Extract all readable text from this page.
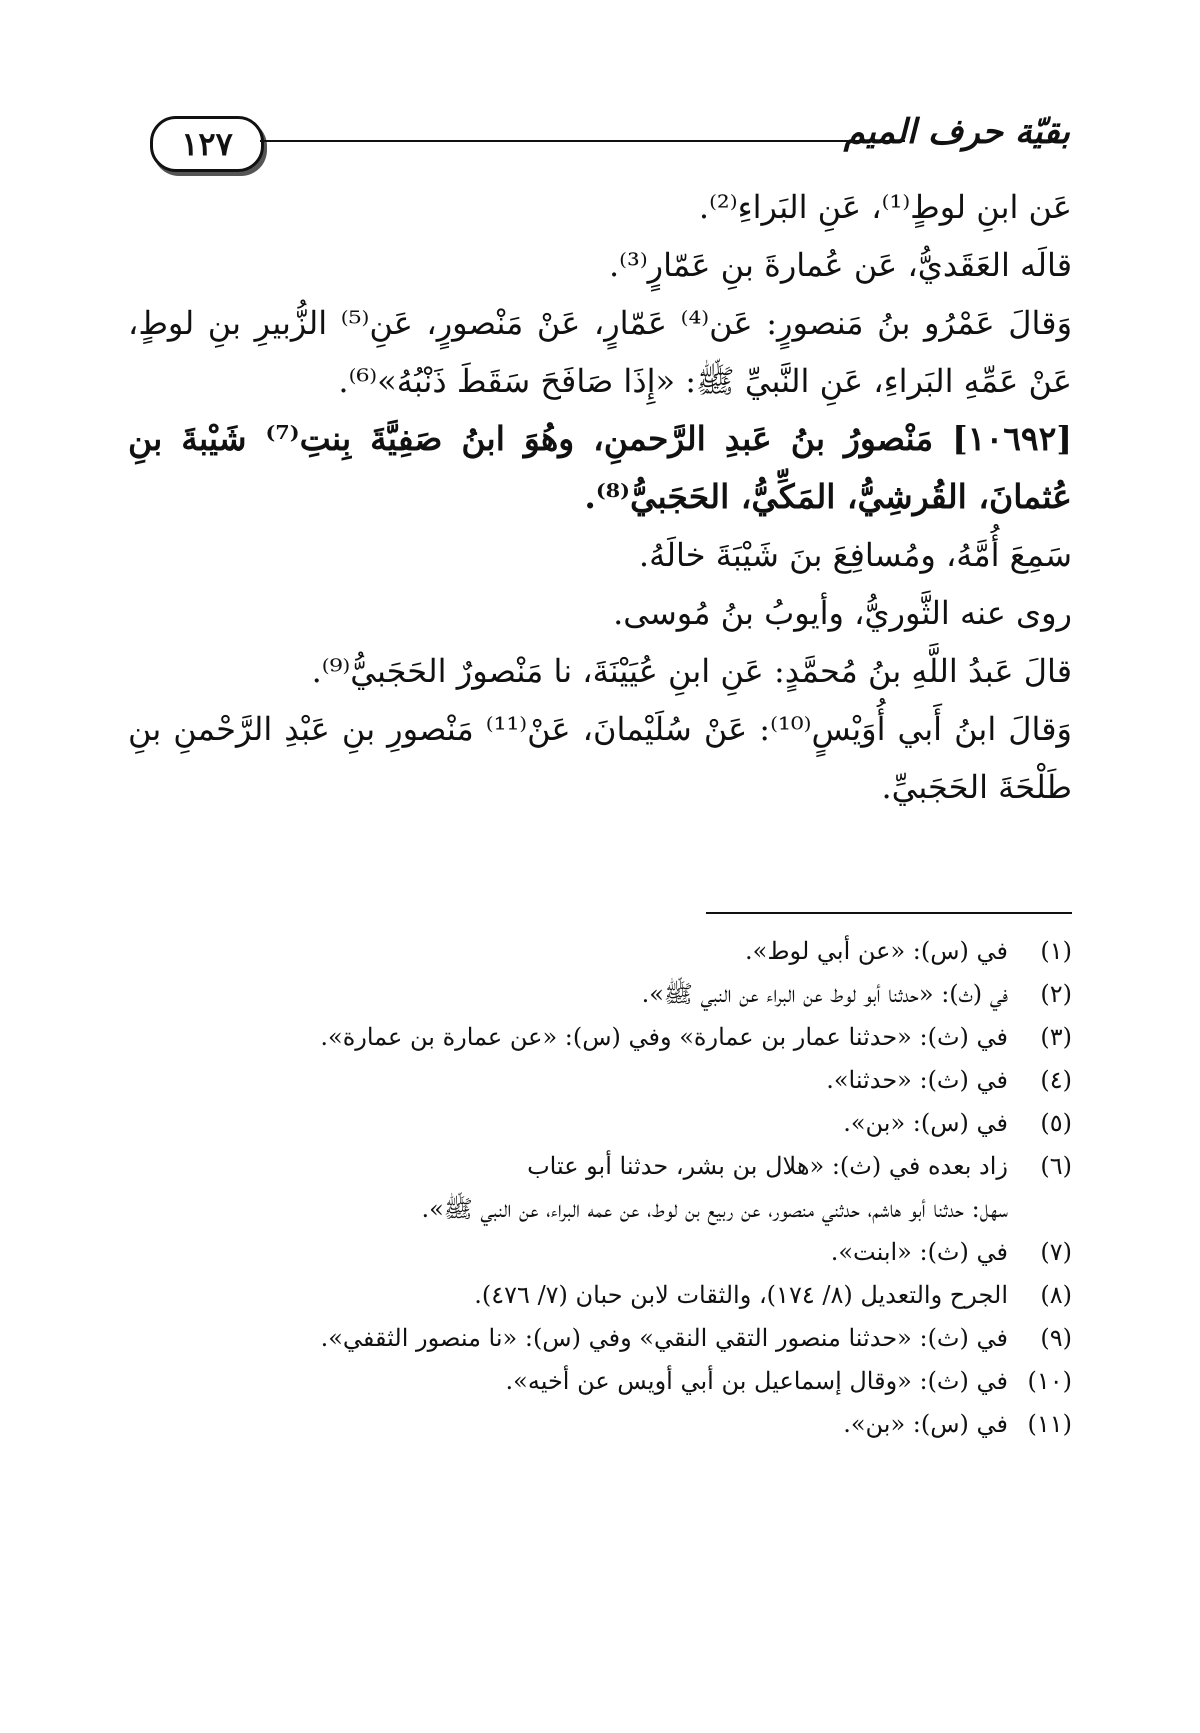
١٢٧	بقيّة حرف الميم

عَن ابنِ لوطٍ⁽¹⁾، عَنِ البَراءِ⁽²⁾.

قالَه العَقَديُّ، عَن عُمارةَ بنِ عَمّارٍ⁽³⁾.

وَقالَ عَمْرُو بنُ مَنصورٍ: عَن⁽⁴⁾ عَمّارٍ، عَنْ مَنْصورٍ، عَنِ⁽⁵⁾ الزُّبيرِ بنِ لوطٍ، عَنْ عَمِّهِ البَراءِ، عَنِ النَّبيِّ ﷺ: «إِذَا صَافَحَ سَقَطَ ذَنْبُهُ»⁽⁶⁾.

[١٠٦٩٢] مَنْصورُ بنُ عَبدِ الرَّحمنِ، وهُوَ ابنُ صَفِيَّةَ بِنتِ⁽⁷⁾ شَيْبةَ بنِ عُثمانَ، القُرشِيُّ، المَكِّيُّ، الحَجَبيُّ⁽⁸⁾.

سَمِعَ أُمَّهُ، ومُسافِعَ بنَ شَيْبَةَ خالَهُ.

روى عنه الثَّوريُّ، وأيوبُ بنُ مُوسى.

قالَ عَبدُ اللَّهِ بنُ مُحمَّدٍ: عَنِ ابنِ عُيَيْنَةَ، نا مَنْصورٌ الحَجَبيُّ⁽⁹⁾.

وَقالَ ابنُ أَبي أُوَيْسٍ⁽¹⁰⁾: عَنْ سُلَيْمانَ، عَنْ⁽¹¹⁾ مَنْصورِ بنِ عَبْدِ الرَّحْمنِ بنِ طَلْحَةَ الحَجَبيِّ.

(١)
في (س): «عن أبي لوط».
(٢)
في (ث): «حدثنا أبو لوط عن البراء عن النبي ﷺ».
(٣)
في (ث): «حدثنا عمار بن عمارة» وفي (س): «عن عمارة بن عمارة».
(٤)
في (ث): «حدثنا».
(٥)
في (س): «بن».
(٦)
زاد بعده في (ث): «هلال بن بشر، حدثنا أبو عتاب
سهل: حدثنا أبو هاشم، حدثني منصور، عن ربيع بن لوط، عن عمه البراء، عن النبي ﷺ».
(٧)
في (ث): «ابنت».
(٨)
الجرح والتعديل (٨/ ١٧٤)، والثقات لابن حبان (٧/ ٤٧٦).
(٩)
في (ث): «حدثنا منصور التقي النقي» وفي (س): «نا منصور الثقفي».
(١٠)
في (ث): «وقال إسماعيل بن أبي أويس عن أخيه».
(١١)
في (س): «بن».
